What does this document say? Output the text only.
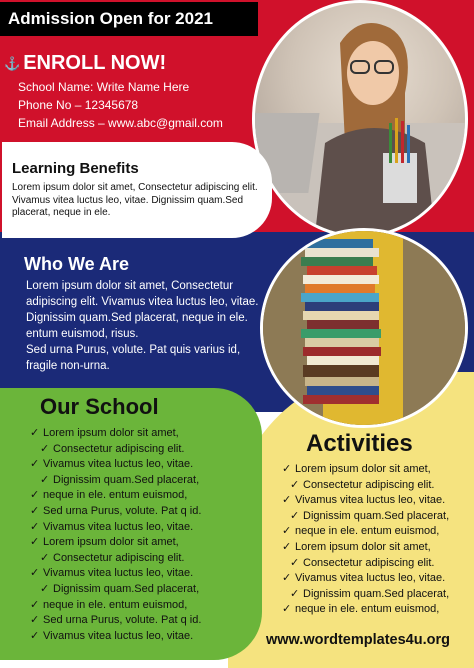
Admission Open for 2021
⚓ ENROLL NOW!
School Name: Write Name Here
Phone No – 12345678
Email Address – www.abc@gmail.com
Learning Benefits
Lorem ipsum dolor sit amet, Consectetur adipiscing elit. Vivamus vitea luctus leo, vitae. Dignissim quam.Sed placerat, neque in ele.
Who We Are
Lorem ipsum dolor sit amet, Consectetur
adipiscing elit. Vivamus vitea luctus leo, vitae.
Dignissim quam.Sed placerat, neque in ele.
entum euismod, risus.
Sed urna Purus, volute. Pat quis varius id,
fragile non-urna.
Our School
✓ Lorem ipsum dolor sit amet,
✓ Consectetur adipiscing elit.
✓ Vivamus vitea luctus leo, vitae.
✓ Dignissim quam.Sed placerat,
✓ neque in ele. entum euismod,
✓ Sed urna Purus, volute. Pat q id.
✓ Vivamus vitea luctus leo, vitae.
✓ Lorem ipsum dolor sit amet,
✓ Consectetur adipiscing elit.
✓ Vivamus vitea luctus leo, vitae.
✓ Dignissim quam.Sed placerat,
✓ neque in ele. entum euismod,
✓ Sed urna Purus, volute. Pat q id.
✓ Vivamus vitea luctus leo, vitae.
Activities
✓ Lorem ipsum dolor sit amet,
✓ Consectetur adipiscing elit.
✓ Vivamus vitea luctus leo, vitae.
✓ Dignissim quam.Sed placerat,
✓ neque in ele. entum euismod,
✓ Lorem ipsum dolor sit amet,
✓ Consectetur adipiscing elit.
✓ Vivamus vitea luctus leo, vitae.
✓ Dignissim quam.Sed placerat,
✓ neque in ele. entum euismod,
www.wordtemplates4u.org
